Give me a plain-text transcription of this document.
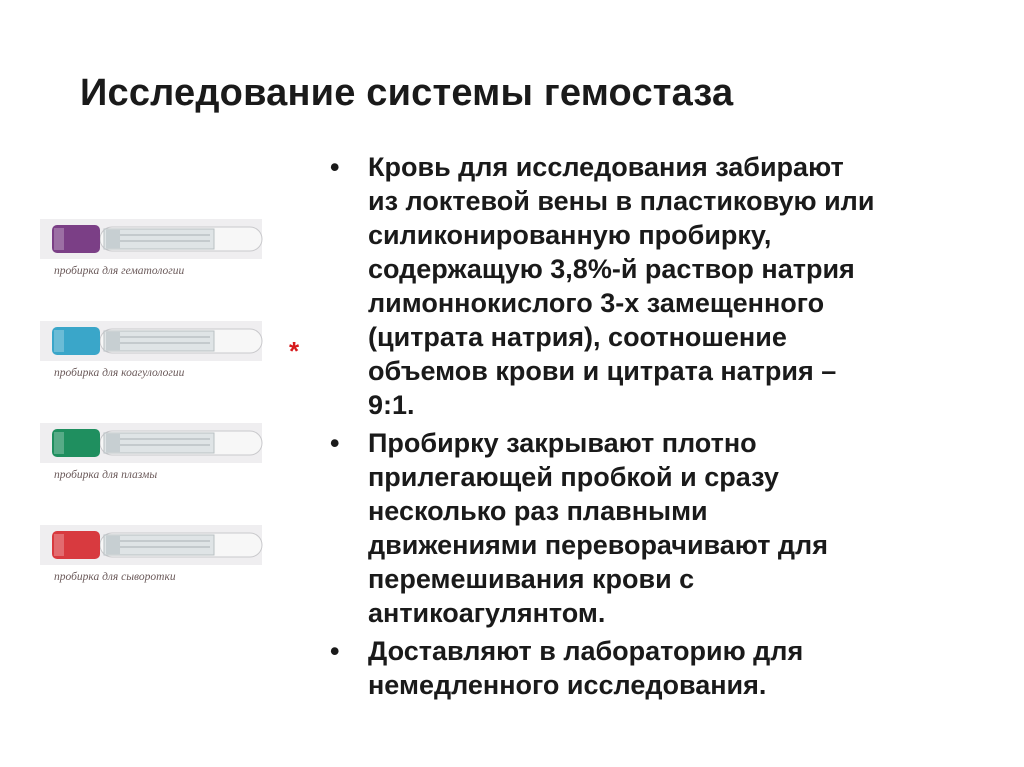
Исследование системы гемостаза
пробирка для гематологии
пробирка для коагулологии
пробирка для плазмы
пробирка для сыворотки
*
•	Кровь для исследования забирают
из локтевой вены в пластиковую или
силиконированную пробирку,
содержащую 3,8%-й раствор натрия
лимоннокислого 3-х замещенного
(цитрата натрия), соотношение
объемов крови и цитрата натрия –
9:1.
•	Пробирку закрывают плотно
прилегающей пробкой и сразу
несколько раз плавными
движениями переворачивают для
перемешивания крови с
антикоагулянтом.
•	Доставляют в лабораторию для
немедленного исследования.
